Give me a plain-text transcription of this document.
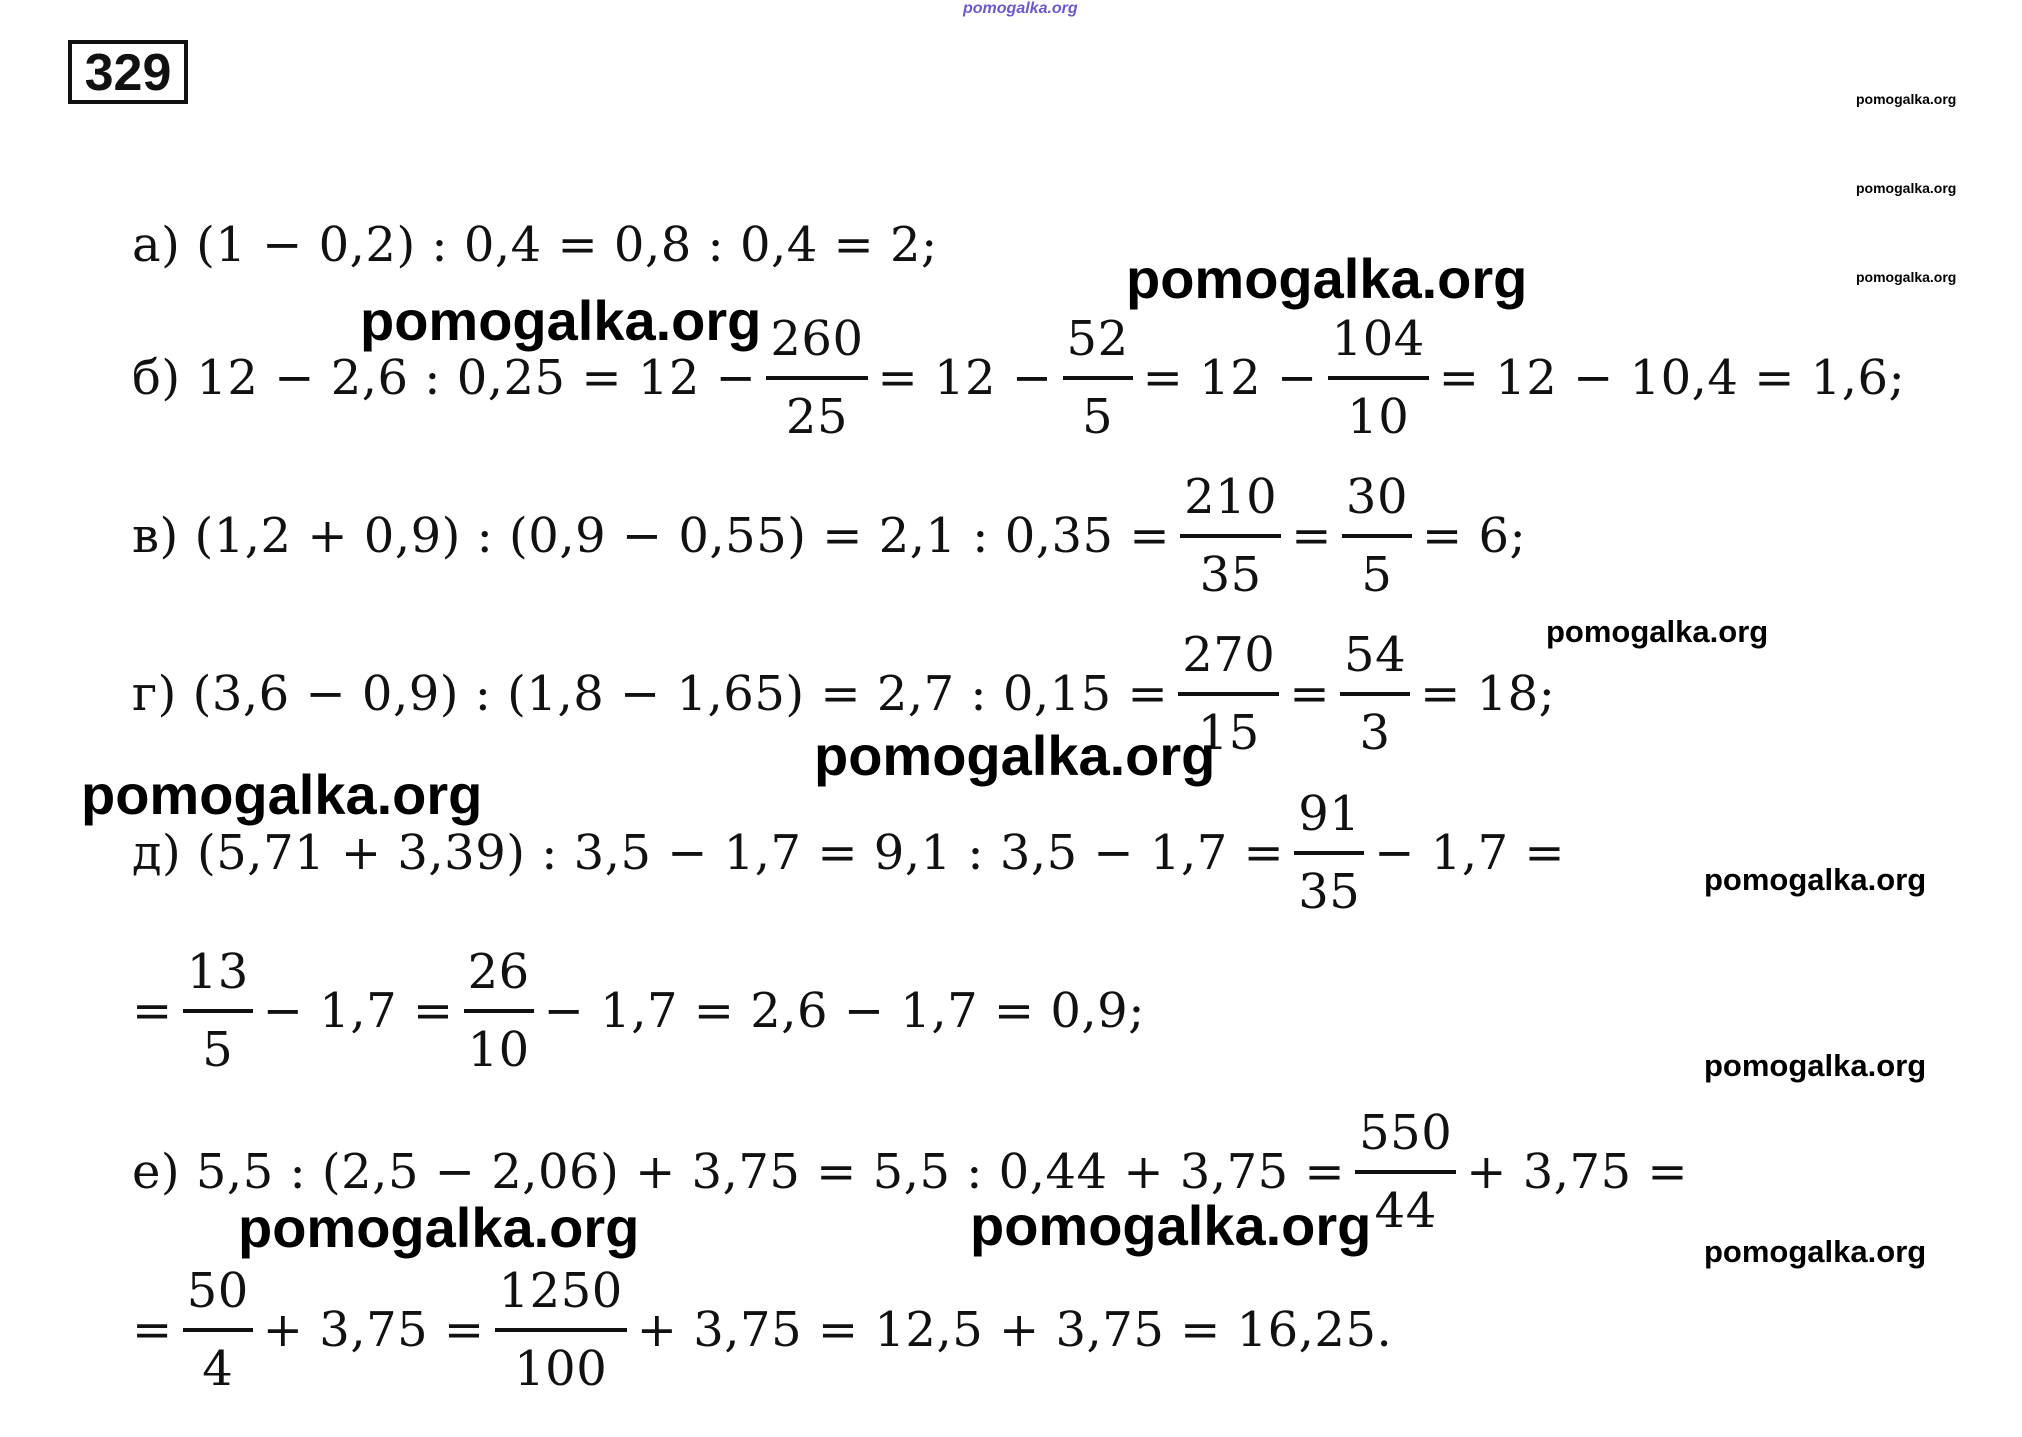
329
а) (1 − 0,2) : 0,4 = 0,8 : 0,4 = 2;
б) 12 − 2,6 : $0,25 = 12 - \frac{260}{25} = 12 - \frac{52}{5} = 12 - \frac{104}{10} = 12 - 10,4 = 1,6$;
в) (1,2 + 0,9) : (0,9 − 0,55) = 2,1 : $0,35 = \frac{210}{35} = \frac{30}{5} = 6$;
г) (3,6 − 0,9) : (1,8 − 1,65) = 2,7 : $0,15 = \frac{270}{15} = \frac{54}{3} = 18$;
д) (5,71 + 3,39) : 3,5 − 1,7 = 9,1 : $3,5 - 1,7 = \frac{91}{35} - 1,7$ =
= $\frac{13}{5} - 1,7 = \frac{26}{10} - 1,7 = 2,6 - 1,7 = 0,9$;
е) 5,5 : (2,5 − 2,06) + 3,75 = 5,5 : $0,44 + 3,75 = \frac{550}{44} + 3,75$ =
= $\frac{50}{4} + 3,75 = \frac{1250}{100} + 3,75 = 12,5 + 3,75 = 16,25$.
pomogalka.org
pomogalka.org
pomogalka.org
pomogalka.org
pomogalka.org
pomogalka.org
pomogalka.org
pomogalka.org
pomogalka.org
pomogalka.org
pomogalka.org
pomogalka.org	pomogalka.org	pomogalka.org
